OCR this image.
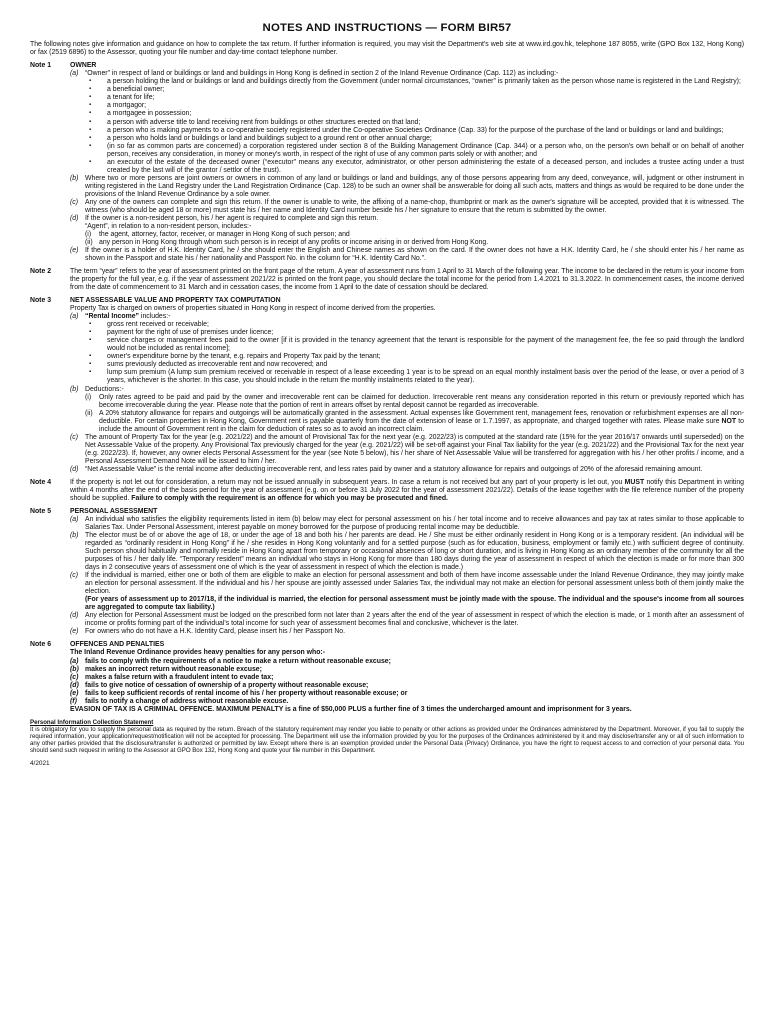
NOTES AND INSTRUCTIONS — FORM BIR57
The following notes give information and guidance on how to complete the tax return. If further information is required, you may visit the Department's web site at www.ird.gov.hk, telephone 187 8055, write (GPO Box 132, Hong Kong) or fax (2519 6896) to the Assessor, quoting your file number and day-time contact telephone number.
Note 1	OWNER
(a) “Owner” in respect of land or buildings or land and buildings in Hong Kong is defined in section 2 of the Inland Revenue Ordinance (Cap. 112) as including:-
▪ a person holding the land or buildings or land and buildings directly from the Government (under normal circumstances, “owner” is primarily taken as the person whose name is registered in the Land Registry);
▪ a beneficial owner;
▪ a tenant for life;
▪ a mortgagor;
▪ a mortgagee in possession;
▪ a person with adverse title to land receiving rent from buildings or other structures erected on that land;
▪ a person who is making payments to a co-operative society registered under the Co-operative Societies Ordinance (Cap. 33) for the purpose of the purchase of the land or buildings or land and buildings;
▪ a person who holds land or buildings or land and buildings subject to a ground rent or other annual charge;
▪ (in so far as common parts are concerned) a corporation registered under section 8 of the Building Management Ordinance (Cap. 344) or a person who, on the person's own behalf or on behalf of another person, receives any consideration, in money or money's worth, in respect of the right of use of any common parts solely or with another; and
▪ an executor of the estate of the deceased owner (“executor” means any executor, administrator, or other person administering the estate of a deceased person, and includes a trustee acting under a trust created by the last will of the grantor / settlor of the trust).
(b) Where two or more persons are joint owners or owners in common of any land or buildings or land and buildings, any of those persons appearing from any deed, conveyance, will, judgment or other instrument in writing registered in the Land Registry under the Land Registration Ordinance (Cap. 128) to be such an owner shall be answerable for doing all such acts, matters and things as would be required to be done under the provisions of the Inland Revenue Ordinance by a sole owner.
(c)	Any one of the owners can complete and sign this return. If the owner is unable to write, the affixing of a name-chop, thumbprint or mark as the owner's signature will be accepted, provided that it is witnessed. The witness (who should be aged 18 or more) must state his / her name and Identity Card number beside his / her signature to ensure that the return is submitted by the owner.
(d) If the owner is a non-resident person, his / her agent is required to complete and sign this return.
“Agent”, in relation to a non-resident person, includes:-
(i)	the agent, attorney, factor, receiver, or manager in Hong Kong of such person; and
(ii) any person in Hong Kong through whom such person is in receipt of any profits or income arising in or derived from Hong Kong.
(e) If the owner is a holder of H.K. Identity Card, he / she should enter the English and Chinese names as shown on the card. If the owner does not have a H.K. Identity Card, he / she should enter his / her name as shown in the Passport and state his / her nationality and Passport No. in the column for “H.K. Identity Card No.”.
Note 2	The term “year” refers to the year of assessment printed on the front page of the return. A year of assessment runs from 1 April to 31 March of the following year. The income to be declared in the return is your income from the property for the full year, e.g. if the year of assessment 2021/22 is printed on the front page, you should declare the total income for the period from 1.4.2021 to 31.3.2022. In commencement cases, the income derived from the date of commencement to 31 March and in cessation cases, the income from 1 April to the date of cessation should be declared.
Note 3	NET ASSESSABLE VALUE AND PROPERTY TAX COMPUTATION
Property Tax is charged on owners of properties situated in Hong Kong in respect of income derived from the properties.
(a) “Rental Income” includes:-
▪ gross rent received or receivable;
▪ payment for the right of use of premises under licence;
▪ service charges or management fees paid to the owner [if it is provided in the tenancy agreement that the tenant is responsible for the payment of the management fee, the fee so paid through the landlord would not be included as rental income];
▪ owner's expenditure borne by the tenant, e.g. repairs and Property Tax paid by the tenant;
▪ sums previously deducted as irrecoverable rent and now recovered; and
▪ lump sum premium (A lump sum premium received or receivable in respect of a lease exceeding 1 year is to be spread on an equal monthly instalment basis over the period of the lease, or over a period of 3 years, whichever is the shorter. In this case, you should include in the return the monthly instalments related to the year).
(b) Deductions:-
(i)	Only rates agreed to be paid and paid by the owner and irrecoverable rent can be claimed for deduction. Irrecoverable rent means any consideration reported in this return or previously reported which has become irrecoverable during the year. Please note that the portion of rent in arrears offset by rental deposit cannot be regarded as irrecoverable.
(ii) A 20% statutory allowance for repairs and outgoings will be automatically granted in the assessment. Actual expenses like Government rent, management fees, renovation or refurbishment expenses are all non-deductible. For certain properties in Hong Kong, Government rent is payable quarterly from the date of extension of lease or 1.7.1997, as appropriate, and charged together with rates. Please make sure NOT to include the amount of Government rent in the claim for deduction of rates so as to avoid an incorrect claim.
(c)	The amount of Property Tax for the year (e.g. 2021/22) and the amount of Provisional Tax for the next year (e.g. 2022/23) is computed at the standard rate (15% for the year 2016/17 onwards until superseded) on the Net Assessable Value of the property. Any Provisional Tax previously charged for the year (e.g. 2021/22) will be set-off against your Final Tax liability for the year (e.g. 2021/22) and the Provisional Tax for the next year (e.g. 2022/23). If, however, any owner elects Personal Assessment for the year (see Note 5 below), his / her share of Net Assessable Value will be transferred for aggregation with his / her other profits / income, and a Personal Assessment Demand Note will be issued to him / her.
(d) “Net Assessable Value” is the rental income after deducting irrecoverable rent, and less rates paid by owner and a statutory allowance for repairs and outgoings of 20% of the aforesaid remaining amount.
Note 4	If the property is not let out for consideration, a return may not be issued annually in subsequent years. In case a return is not received but any part of your property is let out, you MUST notify this Department in writing within 4 months after the end of the basis period for the year of assessment (e.g. on or before 31 July 2022 for the year of assessment 2021/22). Details of the lease together with the file reference number of the property should be supplied. Failure to comply with the requirement is an offence for which you may be prosecuted and fined.
Note 5	PERSONAL ASSESSMENT
(a) An individual who satisfies the eligibility requirements listed in item (b) below may elect for personal assessment on his / her total income and to receive allowances and pay tax at rates similar to those applicable to Salaries Tax. Under Personal Assessment, interest payable on money borrowed for the purpose of producing rental income may be deductible.
(b) The elector must be of or above the age of 18, or under the age of 18 and both his / her parents are dead. He / She must be either ordinarily resident in Hong Kong or is a temporary resident. (An individual will be regarded as “ordinarily resident in Hong Kong” if he / she resides in Hong Kong voluntarily and for a settled purpose (such as for education, business, employment or family etc.) with sufficient degree of continuity. Such person should habitually and normally reside in Hong Kong apart from temporary or occasional absences of long or short duration, and is living in Hong Kong as an ordinary member of the community for all the purposes of his / her daily life. “Temporary resident” means an individual who stays in Hong Kong for more than 180 days during the year of assessment in respect of which the election is made or for more than 300 days in 2 consecutive years of assessment one of which is the year of assessment in respect of which the election is made.)
(c)	If the individual is married, either one or both of them are eligible to make an election for personal assessment and both of them have income assessable under the Inland Revenue Ordinance, they may jointly make an election for personal assessment. If the individual and his / her spouse are jointly assessed under Salaries Tax, the individual may not make an election for personal assessment unless both of them jointly make the election.
(For years of assessment up to 2017/18, if the individual is married, the election for personal assessment must be jointly made with the spouse. The individual and the spouse's income from all sources are aggregated to compute tax liability.)
(d) Any election for Personal Assessment must be lodged on the prescribed form not later than 2 years after the end of the year of assessment in respect of which the election is made, or 1 month after an assessment of income or profits forming part of the individual's total income for such year of assessment becomes final and conclusive, whichever is the later.
(e) For owners who do not have a H.K. Identity Card, please insert his / her Passport No.
Note 6	OFFENCES AND PENALTIES
The Inland Revenue Ordinance provides heavy penalties for any person who:-
(a) fails to comply with the requirements of a notice to make a return without reasonable excuse;
(b) makes an incorrect return without reasonable excuse;
(c) makes a false return with a fraudulent intent to evade tax;
(d) fails to give notice of cessation of ownership of a property without reasonable excuse;
(e) fails to keep sufficient records of rental income of his / her property without reasonable excuse; or
(f)	fails to notify a change of address without reasonable excuse.
EVASION OF TAX IS A CRIMINAL OFFENCE. MAXIMUM PENALTY is a fine of $50,000 PLUS a further fine of 3 times the undercharged amount and imprisonment for 3 years.
Personal Information Collection Statement
It is obligatory for you to supply the personal data as required by the return. Breach of the statutory requirement may render you liable to penalty or other actions as provided under the Ordinances administered by the Department. Moreover, if you fail to supply the required information, your application/request/notification will not be accepted for processing. The Department will use the information provided by you for the purposes of the Ordinances administered by it and may disclose/transfer any or all of such information to any other parties provided that the disclosure/transfer is authorized or permitted by law. Except where there is an exemption provided under the Personal Data (Privacy) Ordinance, you have the right to request access to and correction of your personal data. You should send such request in writing to the Assessor at GPO Box 132, Hong Kong and quote your file number in this Department.
4/2021
